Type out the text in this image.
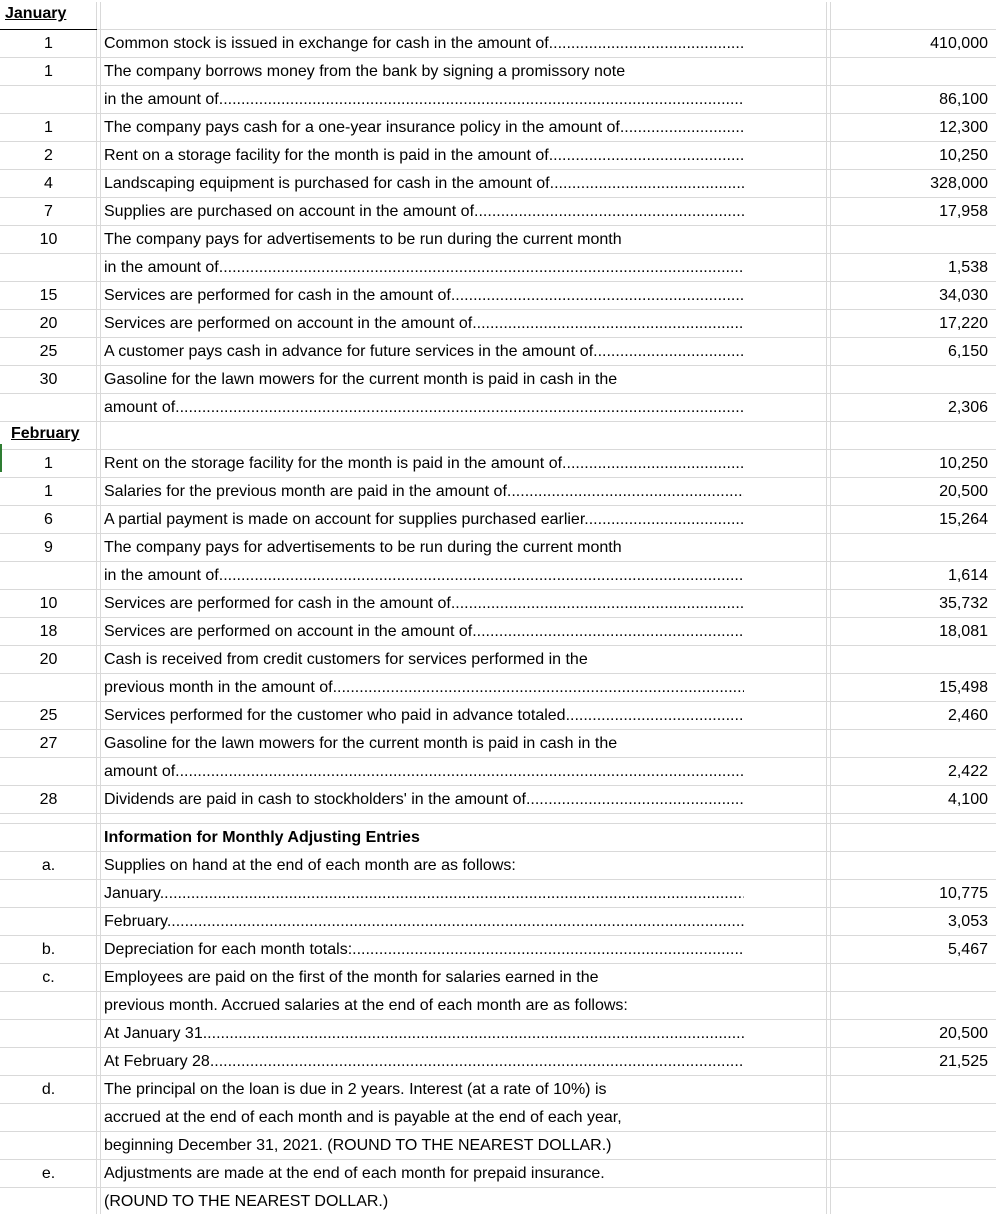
January
1	Common stock is issued in exchange for cash in the amount of .....	410,000
1	The company borrows money from the bank by signing a promissory note
in the amount of .....	86,100
1	The company pays cash for a one-year insurance policy in the amount of .....	12,300
2	Rent on a storage facility for the month is paid in the amount of .....	10,250
4	Landscaping equipment is purchased for cash in the amount of .....	328,000
7	Supplies are purchased on account in the amount of .....	17,958
10	The company pays for advertisements to be run during the current month
in the amount of .....	1,538
15	Services are performed for cash in the amount of .....	34,030
20	Services are performed on account in the amount of .....	17,220
25	A customer pays cash in advance for future services in the amount of .....	6,150
30	Gasoline for the lawn mowers for the current month is paid in cash in the
amount of .....	2,306
February
1	Rent on the storage facility for the month is paid in the amount of .....	10,250
1	Salaries for the previous month are paid in the amount of .....	20,500
6	A partial payment is made on account for supplies purchased earlier .....	15,264
9	The company pays for advertisements to be run during the current month
in the amount of .....	1,614
10	Services are performed for cash in the amount of .....	35,732
18	Services are performed on account in the amount of .....	18,081
20	Cash is received from credit customers for services performed in the
previous month in the amount of .....	15,498
25	Services performed for the customer who paid in advance totaled .....	2,460
27	Gasoline for the lawn mowers for the current month is paid in cash in the
amount of .....	2,422
28	Dividends are paid in cash to stockholders' in the amount of .....	4,100
Information for Monthly Adjusting Entries
a.	Supplies on hand at the end of each month are as follows:
January .....	10,775
February .....	3,053
b.	Depreciation for each month totals: .....	5,467
c.	Employees are paid on the first of the month for salaries earned in the
previous month. Accrued salaries at the end of each month are as follows:
At January 31 .....	20,500
At February 28 .....	21,525
d.	The principal on the loan is due in 2 years. Interest (at a rate of 10%) is
accrued at the end of each month and is payable at the end of each year,
beginning December 31, 2021. (ROUND TO THE NEAREST DOLLAR.)
e.	Adjustments are made at the end of each month for prepaid insurance.
(ROUND TO THE NEAREST DOLLAR.)
